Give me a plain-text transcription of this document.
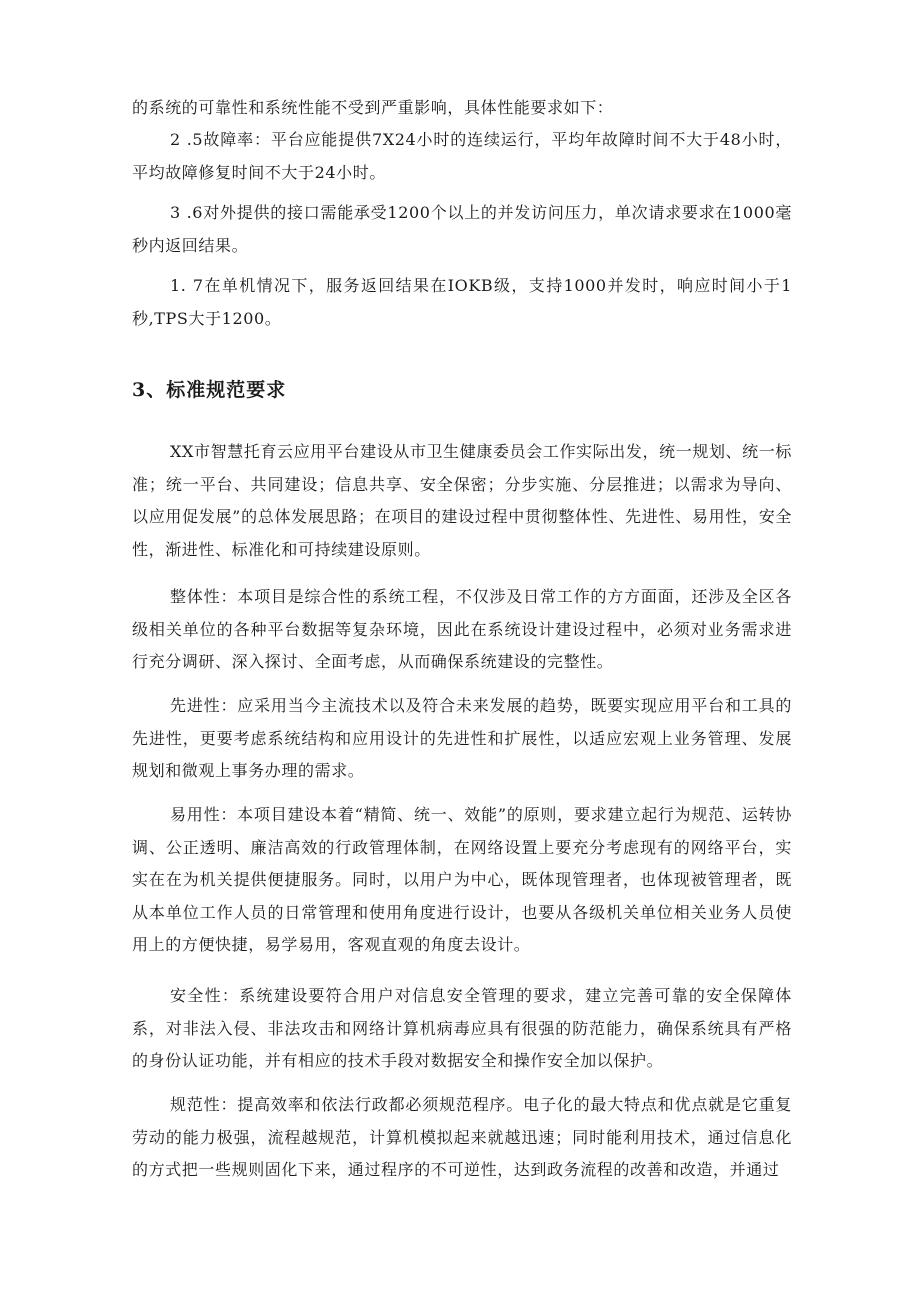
的系统的可靠性和系统性能不受到严重影响，具体性能要求如下：

2 .5故障率：平台应能提供7X24小时的连续运行，平均年故障时间不大于48小时，平均故障修复时间不大于24小时。

3 .6对外提供的接口需能承受1200个以上的并发访问压力，单次请求要求在1000毫秒内返回结果。

1. 7在单机情况下，服务返回结果在IOKB级，支持1000并发时，响应时间小于1秒,TPS大于1200。

3、标准规范要求

XX市智慧托育云应用平台建设从市卫生健康委员会工作实际出发，统一规划、统一标准；统一平台、共同建设；信息共享、安全保密；分步实施、分层推进；以需求为导向、以应用促发展”的总体发展思路；在项目的建设过程中贯彻整体性、先进性、易用性，安全性，渐进性、标准化和可持续建设原则。

整体性：本项目是综合性的系统工程，不仅涉及日常工作的方方面面，还涉及全区各级相关单位的各种平台数据等复杂环境，因此在系统设计建设过程中，必须对业务需求进行充分调研、深入探讨、全面考虑，从而确保系统建设的完整性。

先进性：应采用当今主流技术以及符合未来发展的趋势，既要实现应用平台和工具的先进性，更要考虑系统结构和应用设计的先进性和扩展性，以适应宏观上业务管理、发展规划和微观上事务办理的需求。

易用性：本项目建设本着“精简、统一、效能”的原则，要求建立起行为规范、运转协调、公正透明、廉洁高效的行政管理体制，在网络设置上要充分考虑现有的网络平台，实实在在为机关提供便捷服务。同时，以用户为中心，既体现管理者，也体现被管理者，既从本单位工作人员的日常管理和使用角度进行设计，也要从各级机关单位相关业务人员使用上的方便快捷，易学易用，客观直观的角度去设计。

安全性：系统建设要符合用户对信息安全管理的要求，建立完善可靠的安全保障体系，对非法入侵、非法攻击和网络计算机病毒应具有很强的防范能力，确保系统具有严格的身份认证功能，并有相应的技术手段对数据安全和操作安全加以保护。

规范性：提高效率和依法行政都必须规范程序。电子化的最大特点和优点就是它重复劳动的能力极强，流程越规范，计算机模拟起来就越迅速；同时能利用技术，通过信息化的方式把一些规则固化下来，通过程序的不可逆性，达到政务流程的改善和改造，并通过
